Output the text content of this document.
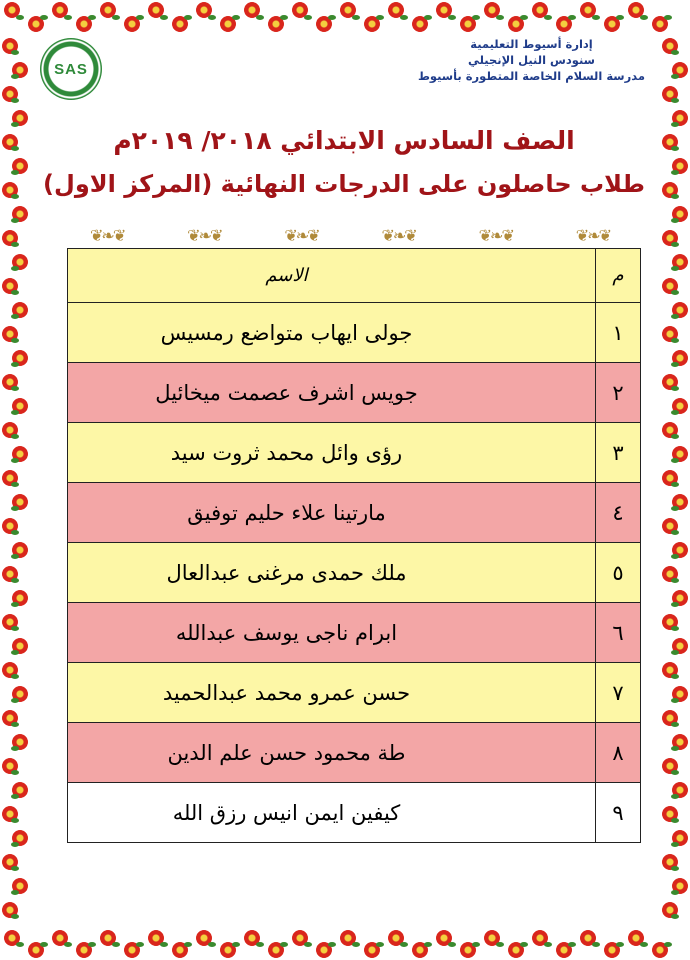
SAS
إدارة أسيوط التعليمية
سنودس النيل الإنجيلي
مدرسة السلام الخاصة المتطورة بأسيوط
الصف السادس الابتدائي ٢٠١٨/ ٢٠١٩م
طلاب حاصلون على الدرجات النهائية (المركز الاول)
❦❧❦	❦❧❦	❦❧❦	❦❧❦	❦❧❦	❦❧❦
م	الاسم
١	جولى ايهاب متواضع رمسيس
٢	جويس اشرف عصمت ميخائيل
٣	رؤى وائل محمد ثروت سيد
٤	مارتينا علاء حليم توفيق
٥	ملك حمدى مرغنى عبدالعال
٦	ابرام ناجى يوسف عبدالله
٧	حسن عمرو محمد عبدالحميد
٨	طة محمود حسن علم الدين
٩	كيفين ايمن انيس رزق الله
